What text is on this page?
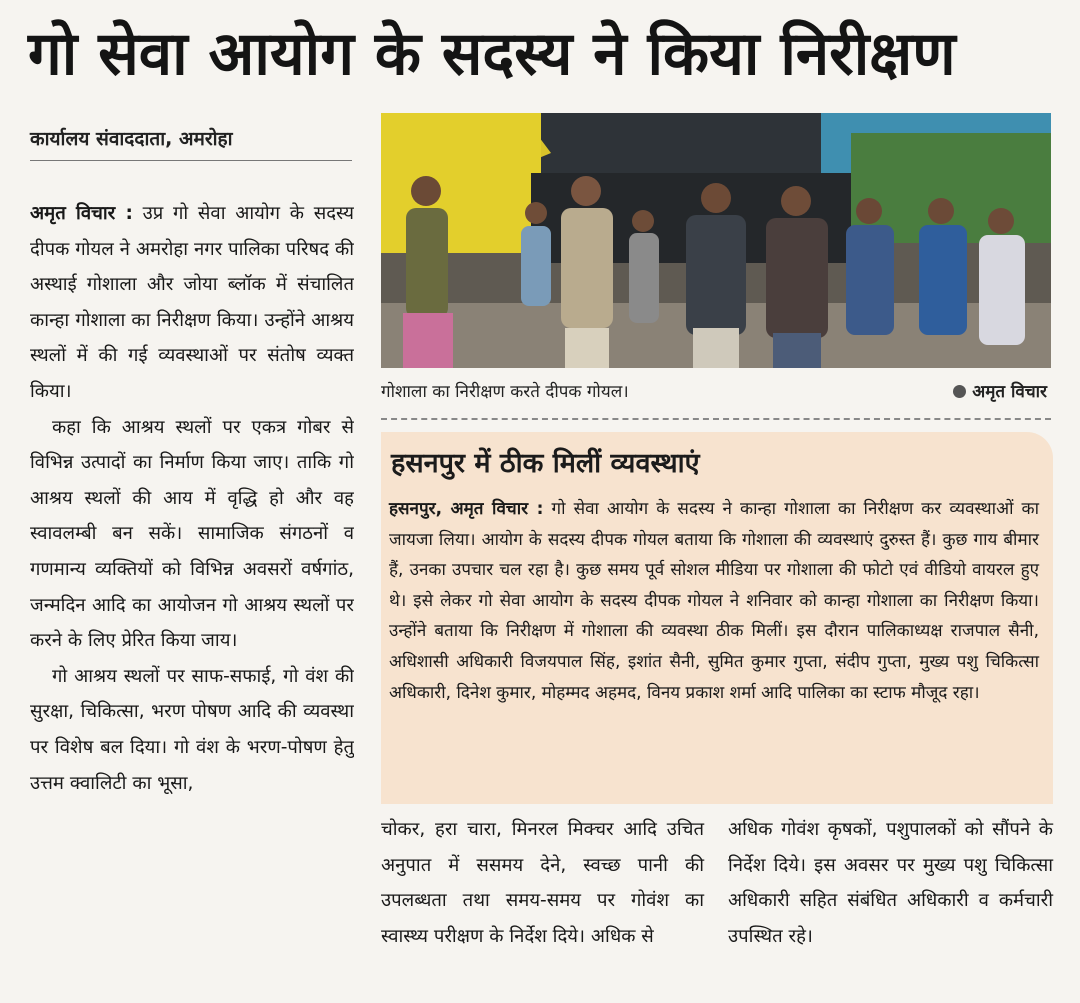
गो सेवा आयोग के सदस्य ने किया निरीक्षण
कार्यालय संवाददाता, अमरोहा

अमृत विचार : उप्र गो सेवा आयोग के सदस्य दीपक गोयल ने अमरोहा नगर पालिका परिषद की अस्थाई गोशाला और जोया ब्लॉक में संचालित कान्हा गोशाला का निरीक्षण किया। उन्होंने आश्रय स्थलों में की गई व्यवस्थाओं पर संतोष व्यक्त किया।

कहा कि आश्रय स्थलों पर एकत्र गोबर से विभिन्न उत्पादों का निर्माण किया जाए। ताकि गो आश्रय स्थलों की आय में वृद्धि हो और वह स्वावलम्बी बन सकें। सामाजिक संगठनों व गणमान्य व्यक्तियों को विभिन्न अवसरों वर्षगांठ, जन्मदिन आदि का आयोजन गो आश्रय स्थलों पर करने के लिए प्रेरित किया जाय।

गो आश्रय स्थलों पर साफ-सफाई, गो वंश की सुरक्षा, चिकित्सा, भरण पोषण आदि की व्यवस्था पर विशेष बल दिया। गो वंश के भरण-पोषण हेतु उत्तम क्वालिटी का भूसा,

गोशाला का निरीक्षण करते दीपक गोयल।	अमृत विचार
हसनपुर में ठीक मिलीं व्यवस्थाएं
हसनपुर, अमृत विचार : गो सेवा आयोग के सदस्य ने कान्हा गोशाला का निरीक्षण कर व्यवस्थाओं का जायजा लिया। आयोग के सदस्य दीपक गोयल बताया कि गोशाला की व्यवस्थाएं दुरुस्त हैं। कुछ गाय बीमार हैं, उनका उपचार चल रहा है। कुछ समय पूर्व सोशल मीडिया पर गोशाला की फोटो एवं वीडियो वायरल हुए थे। इसे लेकर गो सेवा आयोग के सदस्य दीपक गोयल ने शनिवार को कान्हा गोशाला का निरीक्षण किया। उन्होंने बताया कि निरीक्षण में गोशाला की व्यवस्था ठीक मिलीं। इस दौरान पालिकाध्यक्ष राजपाल सैनी, अधिशासी अधिकारी विजयपाल सिंह, इशांत सैनी, सुमित कुमार गुप्ता, संदीप गुप्ता, मुख्य पशु चिकित्सा अधिकारी, दिनेश कुमार, मोहम्मद अहमद, विनय प्रकाश शर्मा आदि पालिका का स्टाफ मौजूद रहा।
चोकर, हरा चारा, मिनरल मिक्चर आदि उचित अनुपात में ससमय देने, स्वच्छ पानी की उपलब्धता तथा समय-समय पर गोवंश का स्वास्थ्य परीक्षण के निर्देश दिये। अधिक से
अधिक गोवंश कृषकों, पशुपालकों को सौंपने के निर्देश दिये। इस अवसर पर मुख्य पशु चिकित्सा अधिकारी सहित संबंधित अधिकारी व कर्मचारी उपस्थित रहे।
